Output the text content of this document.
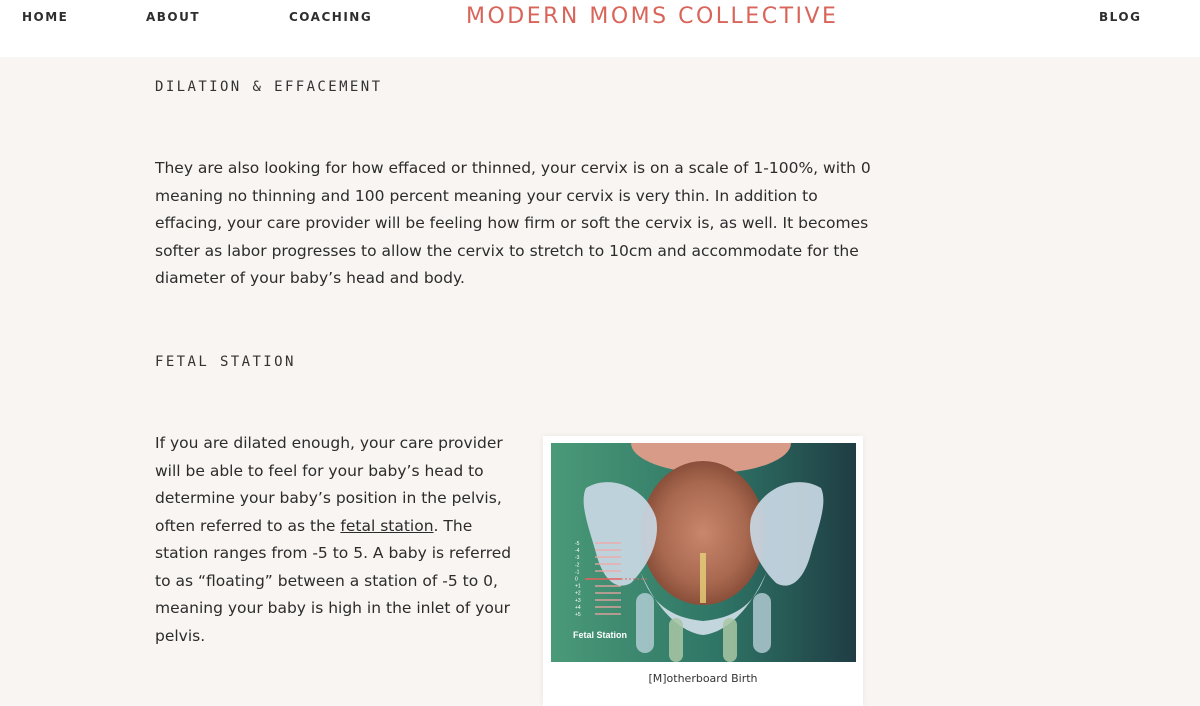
HOME	ABOUT	COACHING	MODERN MOMS COLLECTIVE	BLOG
DILATION & EFFACEMENT

They are also looking for how effaced or thinned, your cervix is on a scale of 1-100%, with 0 meaning no thinning and 100 percent meaning your cervix is very thin. In addition to effacing, your care provider will be feeling how firm or soft the cervix is, as well. It becomes softer as labor progresses to allow the cervix to stretch to 10cm and accommodate for the diameter of your baby’s head and body.

FETAL STATION

If you are dilated enough, your care provider will be able to feel for your baby’s head to determine your baby’s position in the pelvis, often referred to as the fetal station. The station ranges from -5 to 5. A baby is referred to as “floating” between a station of -5 to 0, meaning your baby is high in the inlet of your pelvis.

-5
-4
-3
-2
-1
0
+1
+2
+3
+4
+5
Fetal Station
[M]otherboard Birth
